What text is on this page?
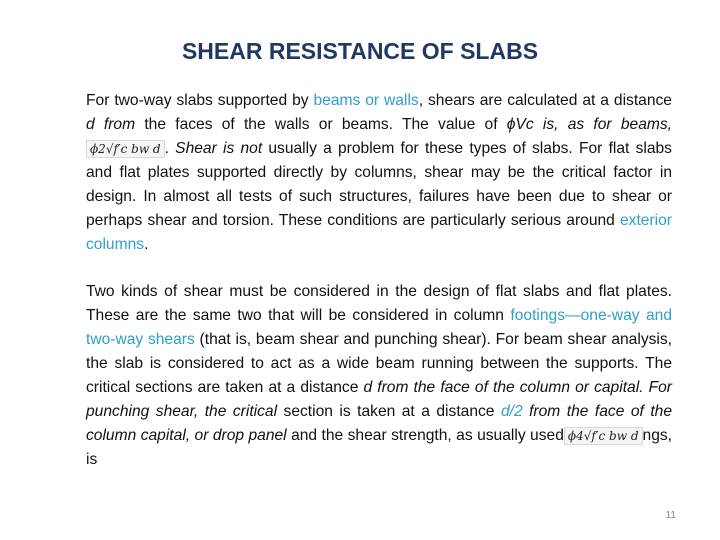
SHEAR RESISTANCE OF SLABS
For two-way slabs supported by beams or walls, shears are calculated at a distance d from the faces of the walls or beams. The value of ϕVc is, as for beams, ϕ2√f′c bw d . Shear is not usually a problem for these types of slabs. For flat slabs and flat plates supported directly by columns, shear may be the critical factor in design. In almost all tests of such structures, failures have been due to shear or perhaps shear and torsion. These conditions are particularly serious around exterior columns.
Two kinds of shear must be considered in the design of flat slabs and flat plates. These are the same two that will be considered in column footings—one-way and two-way shears (that is, beam shear and punching shear). For beam shear analysis, the slab is considered to act as a wide beam running between the supports. The critical sections are taken at a distance d from the face of the column or capital. For punching shear, the critical section is taken at a distance d/2 from the face of the column capital, or drop panel and the shear strength, as usually used ϕ4√f′c bw d ngs, is
11
